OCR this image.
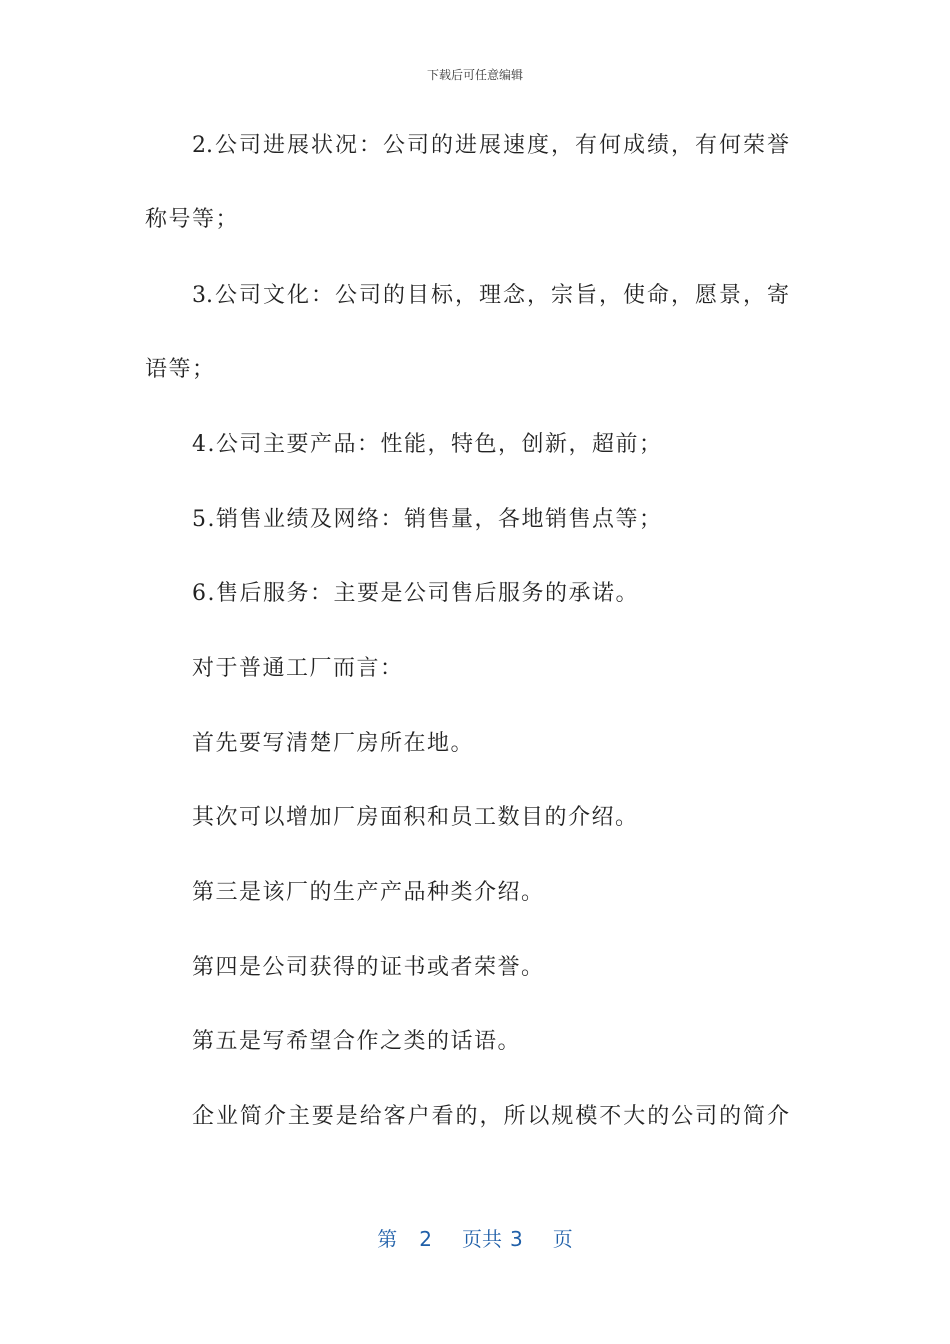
下载后可任意编辑
2.公司进展状况：公司的进展速度，有何成绩，有何荣誉
称号等；
3.公司文化：公司的目标，理念，宗旨，使命，愿景，寄
语等；
4.公司主要产品：性能，特色，创新，超前；
5.销售业绩及网络：销售量，各地销售点等；
6.售后服务：主要是公司售后服务的承诺。
对于普通工厂而言：
首先要写清楚厂房所在地。
其次可以增加厂房面积和员工数目的介绍。
第三是该厂的生产产品种类介绍。
第四是公司获得的证书或者荣誉。
第五是写希望合作之类的话语。
企业简介主要是给客户看的，所以规模不大的公司的简介
第 2 页共 3 页
